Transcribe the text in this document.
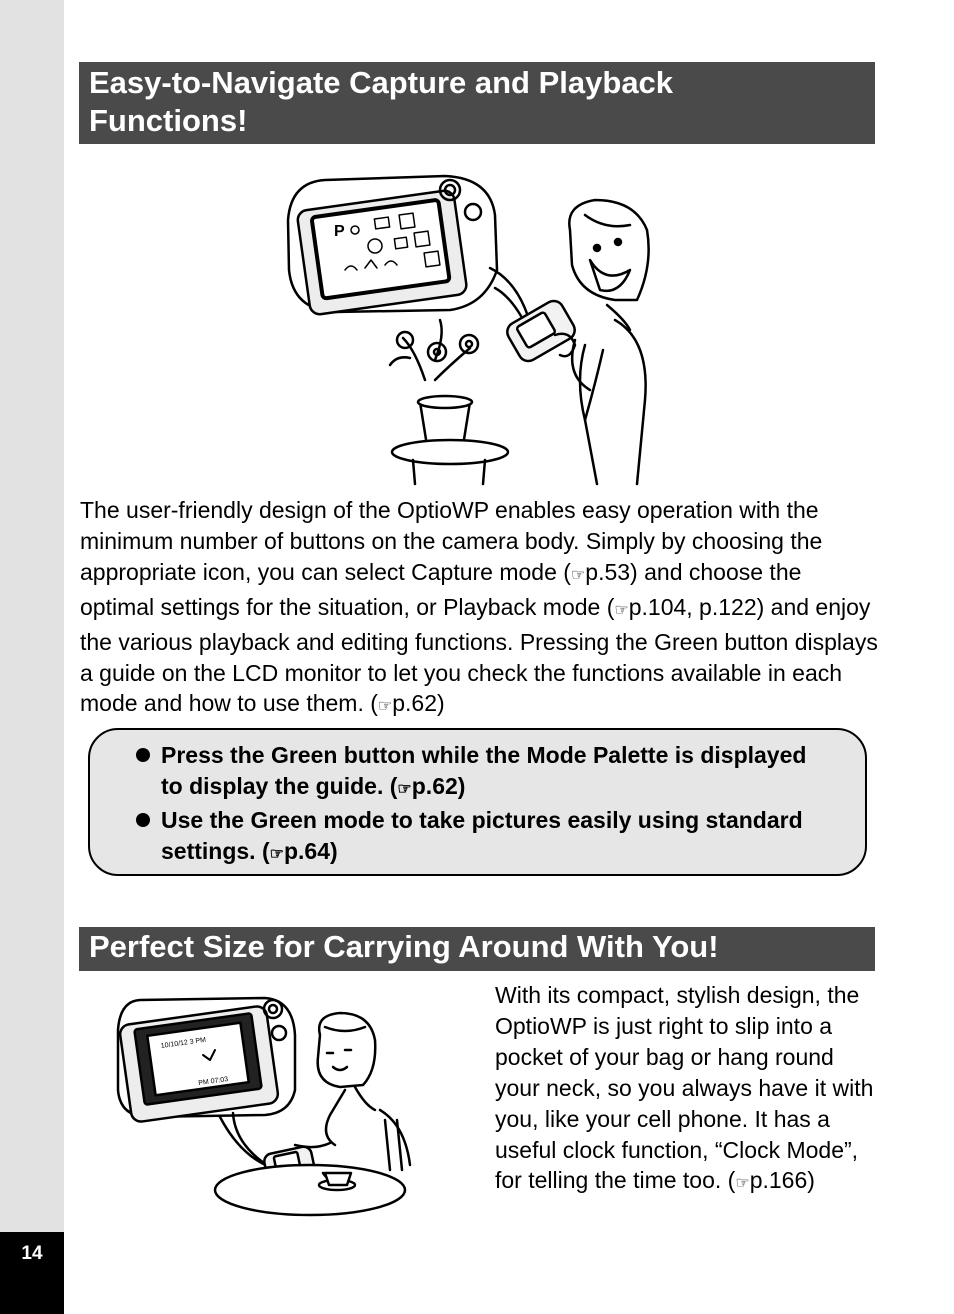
14
Easy-to-Navigate Capture and Playback
Functions!
The user-friendly design of the OptioWP enables easy operation with the minimum number of buttons on the camera body. Simply by choosing the appropriate icon, you can select Capture mode (☞p.53) and choose the optimal settings for the situation, or Playback mode (☞p.104, p.122) and enjoy the various playback and editing functions. Pressing the Green button displays a guide on the LCD monitor to let you check the functions available in each mode and how to use them. (☞p.62)
Press the Green button while the Mode Palette is displayed to display the guide. (☞p.62)
Use the Green mode to take pictures easily using standard settings. (☞p.64)
Perfect Size for Carrying Around With You!
10/10/12 3 PM
PM 07:03
With its compact, stylish design, the OptioWP is just right to slip into a pocket of your bag or hang round your neck, so you always have it with you, like your cell phone. It has a useful clock function, “Clock Mode”, for telling the time too. (☞p.166)
P
